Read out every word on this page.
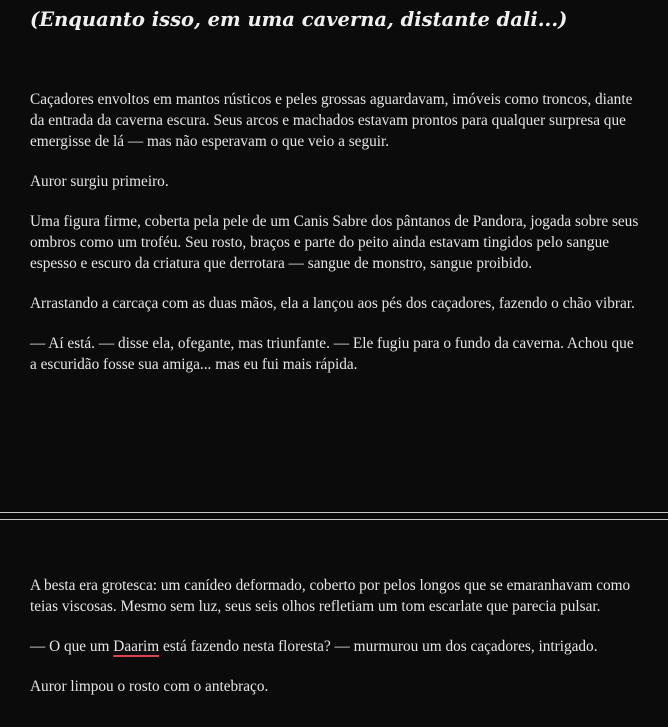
(Enquanto isso, em uma caverna, distante dali...)

Caçadores envoltos em mantos rústicos e peles grossas aguardavam, imóveis como troncos, diante da entrada da caverna escura. Seus arcos e machados estavam prontos para qualquer surpresa que emergisse de lá — mas não esperavam o que veio a seguir.

Auror surgiu primeiro.

Uma figura firme, coberta pela pele de um Canis Sabre dos pântanos de Pandora, jogada sobre seus ombros como um troféu. Seu rosto, braços e parte do peito ainda estavam tingidos pelo sangue espesso e escuro da criatura que derrotara — sangue de monstro, sangue proibido.

Arrastando a carcaça com as duas mãos, ela a lançou aos pés dos caçadores, fazendo o chão vibrar.

— Aí está. — disse ela, ofegante, mas triunfante. — Ele fugiu para o fundo da caverna. Achou que a escuridão fosse sua amiga... mas eu fui mais rápida.

A besta era grotesca: um canídeo deformado, coberto por pelos longos que se emaranhavam como teias viscosas. Mesmo sem luz, seus seis olhos refletiam um tom escarlate que parecia pulsar.

— O que um Daarim está fazendo nesta floresta? — murmurou um dos caçadores, intrigado.

Auror limpou o rosto com o antebraço.
